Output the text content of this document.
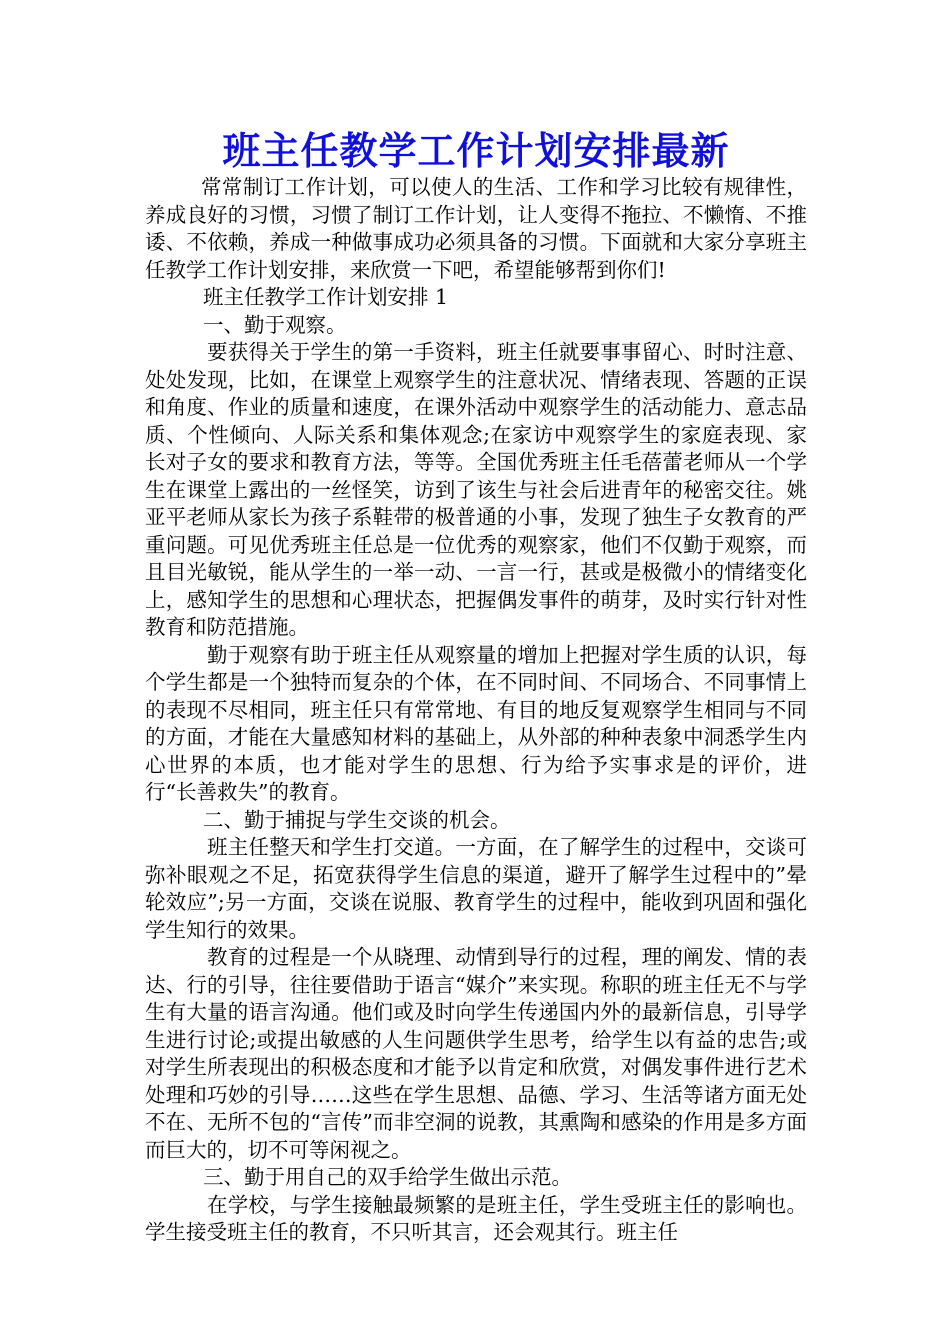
班主任教学工作计划安排最新

常常制订工作计划，可以使人的生活、工作和学习比较有规律性，养成良好的习惯，习惯了制订工作计划，让人变得不拖拉、不懒惰、不推诿、不依赖，养成一种做事成功必须具备的习惯。下面就和大家分享班主任教学工作计划安排，来欣赏一下吧，希望能够帮到你们!

班主任教学工作计划安排 1

一、勤于观察。

要获得关于学生的第一手资料，班主任就要事事留心、时时注意、处处发现，比如，在课堂上观察学生的注意状况、情绪表现、答题的正误和角度、作业的质量和速度，在课外活动中观察学生的活动能力、意志品质、个性倾向、人际关系和集体观念;在家访中观察学生的家庭表现、家长对子女的要求和教育方法，等等。全国优秀班主任毛蓓蕾老师从一个学生在课堂上露出的一丝怪笑，访到了该生与社会后进青年的秘密交往。姚亚平老师从家长为孩子系鞋带的极普通的小事，发现了独生子女教育的严重问题。可见优秀班主任总是一位优秀的观察家，他们不仅勤于观察，而且目光敏锐，能从学生的一举一动、一言一行，甚或是极微小的情绪变化上，感知学生的思想和心理状态，把握偶发事件的萌芽，及时实行针对性教育和防范措施。

勤于观察有助于班主任从观察量的增加上把握对学生质的认识，每个学生都是一个独特而复杂的个体，在不同时间、不同场合、不同事情上的表现不尽相同，班主任只有常常地、有目的地反复观察学生相同与不同的方面，才能在大量感知材料的基础上，从外部的种种表象中洞悉学生内心世界的本质，也才能对学生的思想、行为给予实事求是的评价，进行“长善救失”的教育。

二、勤于捕捉与学生交谈的机会。

班主任整天和学生打交道。一方面，在了解学生的过程中，交谈可弥补眼观之不足，拓宽获得学生信息的渠道，避开了解学生过程中的”晕轮效应”;另一方面，交谈在说服、教育学生的过程中，能收到巩固和强化学生知行的效果。

教育的过程是一个从晓理、动情到导行的过程，理的阐发、情的表达、行的引导，往往要借助于语言“媒介”来实现。称职的班主任无不与学生有大量的语言沟通。他们或及时向学生传递国内外的最新信息，引导学生进行讨论;或提出敏感的人生问题供学生思考，给学生以有益的忠告;或对学生所表现出的积极态度和才能予以肯定和欣赏，对偶发事件进行艺术处理和巧妙的引导……这些在学生思想、品德、学习、生活等诸方面无处不在、无所不包的“言传”而非空洞的说教，其熏陶和感染的作用是多方面而巨大的，切不可等闲视之。

三、勤于用自己的双手给学生做出示范。

在学校，与学生接触最频繁的是班主任，学生受班主任的影响也。学生接受班主任的教育，不只听其言，还会观其行。班主任
